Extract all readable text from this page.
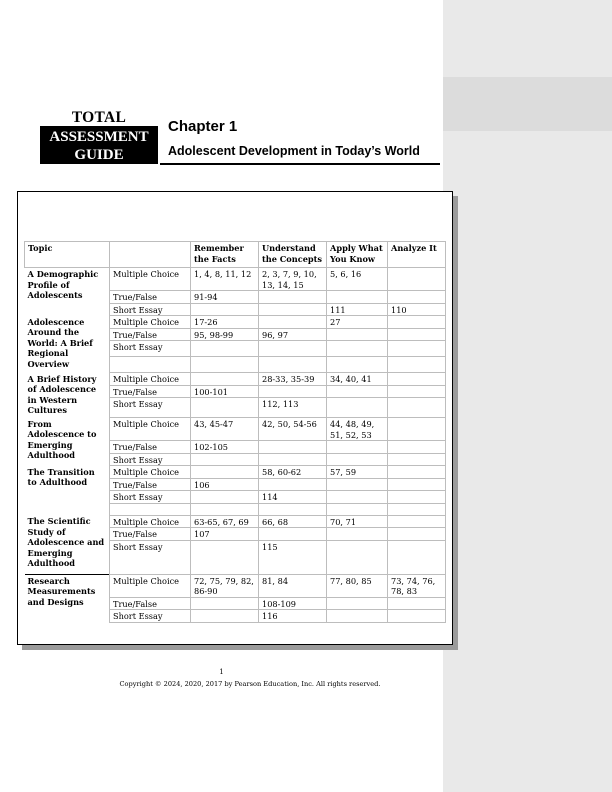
TOTAL
ASSESSMENT
GUIDE
Chapter 1
Adolescent Development in Today’s World
Topic		Remember the Facts	Understand the Concepts	Apply What You Know	Analyze It
A Demographic Profile of Adolescents	Multiple Choice	1, 4, 8, 11, 12	2, 3, 7, 9, 10, 13, 14, 15	5, 6, 16	
	True/False	91-94			
	Short Essay			111	110
Adolescence Around the World: A Brief Regional Overview	Multiple Choice	17-26		27	
	True/False	95, 98-99	96, 97		
	Short Essay				

A Brief History of Adolescence in Western Cultures	Multiple Choice		28-33, 35-39	34, 40, 41	
	True/False	100-101			
	Short Essay		112, 113		
From Adolescence to Emerging Adulthood	Multiple Choice	43, 45-47	42, 50, 54-56	44, 48, 49, 51, 52, 53	
	True/False	102-105			
	Short Essay				
The Transition to Adulthood	Multiple Choice		58, 60-62	57, 59	
	True/False	106			
	Short Essay		114		

The Scientific Study of Adolescence and Emerging Adulthood	Multiple Choice	63-65, 67, 69	66, 68	70, 71	
	True/False	107			
	Short Essay		115		
Research Measurements and Designs	Multiple Choice	72, 75, 79, 82, 86-90	81, 84	77, 80, 85	73, 74, 76, 78, 83
	True/False		108-109		
	Short Essay		116		
1
Copyright © 2024, 2020, 2017 by Pearson Education, Inc. All rights reserved.
